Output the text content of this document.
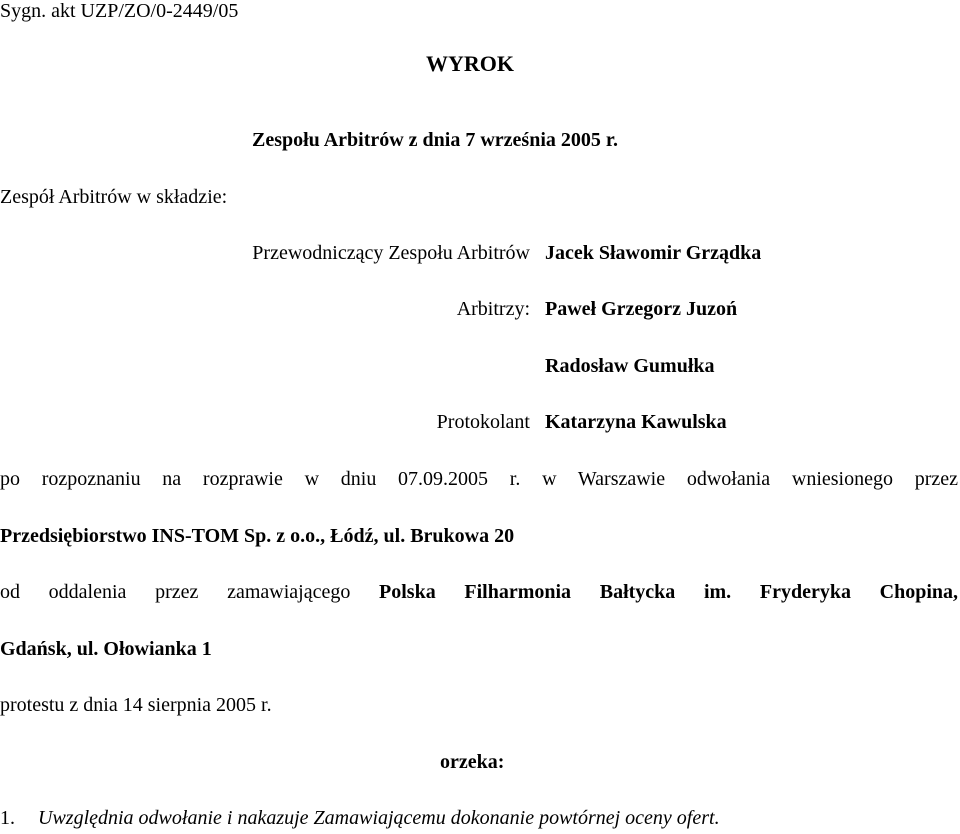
Sygn. akt UZP/ZO/0-2449/05
WYROK
Zespołu Arbitrów z dnia 7 września 2005 r.
Zespół Arbitrów w składzie:
Przewodniczący Zespołu Arbitrów Jacek Sławomir Grządka
Arbitrzy: Paweł Grzegorz Juzoń
Radosław Gumułka
Protokolant Katarzyna Kawulska
po rozpoznaniu na rozprawie w dniu 07.09.2005 r. w Warszawie odwołania wniesionego przez
Przedsiębiorstwo INS-TOM Sp. z o.o., Łódź, ul. Brukowa 20
od oddalenia przez zamawiającego Polska Filharmonia Bałtycka im. Fryderyka Chopina,
Gdańsk, ul. Ołowianka 1
protestu z dnia 14 sierpnia 2005 r.
orzeka:
1. Uwzględnia odwołanie i nakazuje Zamawiającemu dokonanie powtórnej oceny ofert.
